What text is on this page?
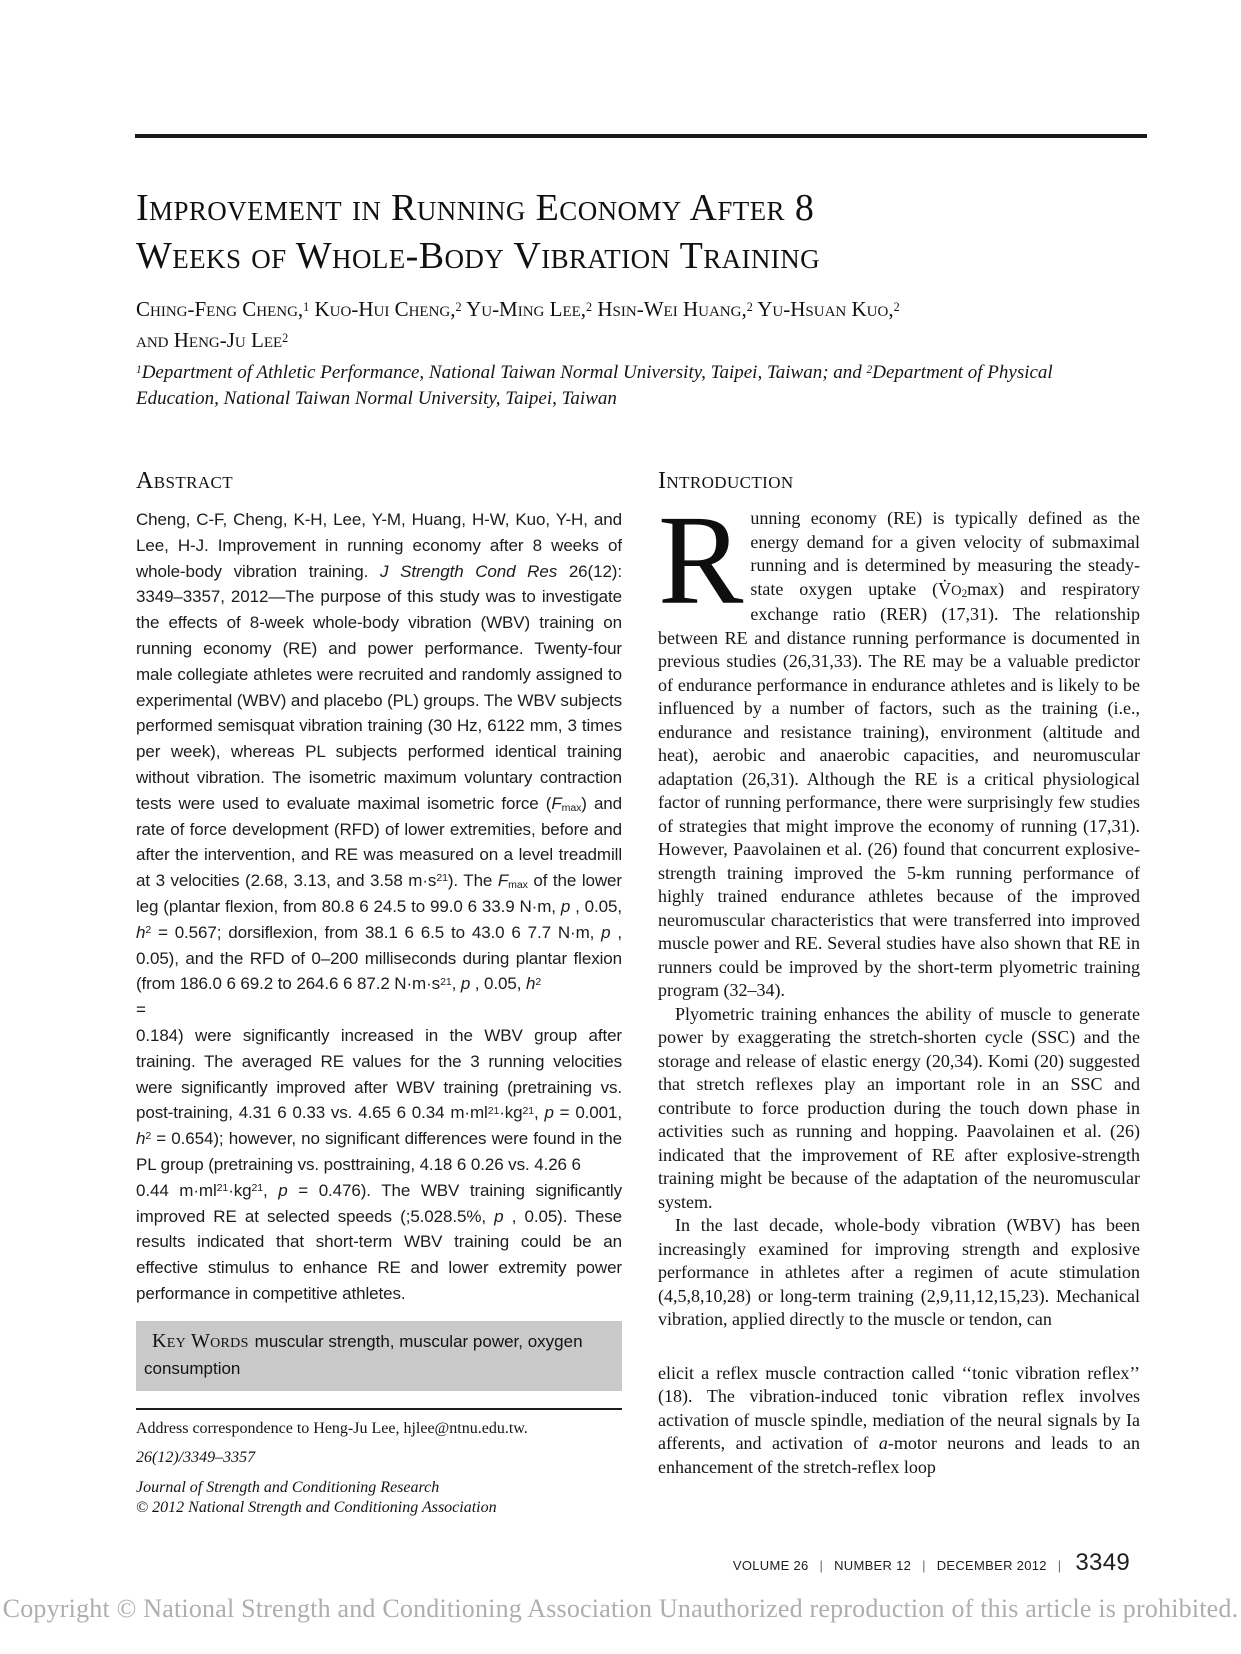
Improvement in Running Economy After 8
Weeks of Whole-Body Vibration Training
Ching-Feng Cheng,$^1$ Kuo-Hui Cheng,$^2$ Yu-Ming Lee,$^2$ Hsin-Wei Huang,$^2$ Yu-Hsuan Kuo,$^2$
and Heng-Ju Lee$^2$
$^1$Department of Athletic Performance, National Taiwan Normal University, Taipei, Taiwan; and $^2$Department of Physical
Education, National Taiwan Normal University, Taipei, Taiwan
Abstract
Cheng, C-F, Cheng, K-H, Lee, Y-M, Huang, H-W, Kuo, Y-H, and Lee, H-J. Improvement in running economy after 8 weeks of whole-body vibration training. J Strength Cond Res 26(12): 3349–3357, 2012—The purpose of this study was to investigate the effects of 8-week whole-body vibration (WBV) training on running economy (RE) and power performance. Twenty-four male collegiate athletes were recruited and randomly assigned to experimental (WBV) and placebo (PL) groups. The WBV subjects performed semisquat vibration training (30 Hz, 6122 mm, 3 times per week), whereas PL subjects performed identical training without vibration. The isometric maximum voluntary contraction tests were used to evaluate maximal isometric force $(F_{max})$ and rate of force development (RFD) of lower extremities, before and after the intervention, and RE was measured on a level treadmill at 3 velocities (2.68, 3.13, and 3.58 $m\cdot s^{21}$). The $F_{max}$ of the lower leg (plantar flexion, from 80.8 6 24.5 to 99.0 6 33.9 N·m, p , 0.05, $h^2 = 0.567$; dorsiflexion, from 38.1 6 6.5 to 43.0 6 7.7 N·m, p , 0.05), and the RFD of 0–200 milliseconds during plantar flexion (from 186.0 6 69.2 to 264.6 6 87.2 $N\cdot m\cdot s^{21}$, p , 0.05, $h^2$
=
0.184) were significantly increased in the WBV group after training. The averaged RE values for the 3 running velocities were significantly improved after WBV training (pretraining vs. post-training, 4.31 6 0.33 vs. 4.65 6 0.34 $m\cdot ml^{21}\cdot kg^{21}$, p = 0.001, $h^2 = 0.654$); however, no significant differences were found in the PL group (pretraining vs. posttraining, 4.18 6 0.26 vs. 4.26 6
0.44 $m\cdot ml^{21}\cdot kg^{21}$, p = 0.476). The WBV training significantly improved RE at selected speeds (;5.028.5%, p , 0.05). These results indicated that short-term WBV training could be an effective stimulus to enhance RE and lower extremity power performance in competitive athletes.
Key Words muscular strength, muscular power, oxygen consumption
Address correspondence to Heng-Ju Lee, hjlee@ntnu.edu.tw.
26(12)/3349–3357
Journal of Strength and Conditioning Research
© 2012 National Strength and Conditioning Association
Introduction

Running economy (RE) is typically defined as the energy demand for a given velocity of submaximal running and is determined by measuring the steady-state oxygen uptake $(V̇O_2\max)$ and respiratory exchange ratio (RER) (17,31). The relationship between RE and distance running performance is documented in previous studies (26,31,33). The RE may be a valuable predictor of endurance performance in endurance athletes and is likely to be influenced by a number of factors, such as the training (i.e., endurance and resistance training), environment (altitude and heat), aerobic and anaerobic capacities, and neuromuscular adaptation (26,31). Although the RE is a critical physiological factor of running performance, there were surprisingly few studies of strategies that might improve the economy of running (17,31). However, Paavolainen et al. (26) found that concurrent explosive-strength training improved the 5-km running performance of highly trained endurance athletes because of the improved neuromuscular characteristics that were transferred into improved muscle power and RE. Several studies have also shown that RE in runners could be improved by the short-term plyometric training program (32–34).

Plyometric training enhances the ability of muscle to generate power by exaggerating the stretch-shorten cycle (SSC) and the storage and release of elastic energy (20,34). Komi (20) suggested that stretch reflexes play an important role in an SSC and contribute to force production during the touch down phase in activities such as running and hopping. Paavolainen et al. (26) indicated that the improvement of RE after explosive-strength training might be because of the adaptation of the neuromuscular system.

In the last decade, whole-body vibration (WBV) has been increasingly examined for improving strength and explosive performance in athletes after a regimen of acute stimulation (4,5,8,10,28) or long-term training (2,9,11,12,15,23). Mechanical vibration, applied directly to the muscle or tendon, can

elicit a reflex muscle contraction called ‘‘tonic vibration reflex’’ (18). The vibration-induced tonic vibration reflex involves activation of muscle spindle, mediation of the neural signals by Ia afferents, and activation of a-motor neurons and leads to an enhancement of the stretch-reflex loop

VOLUME 26 | NUMBER 12 | DECEMBER 2012 | 3349
Copyright © National Strength and Conditioning Association Unauthorized reproduction of this article is prohibited.
